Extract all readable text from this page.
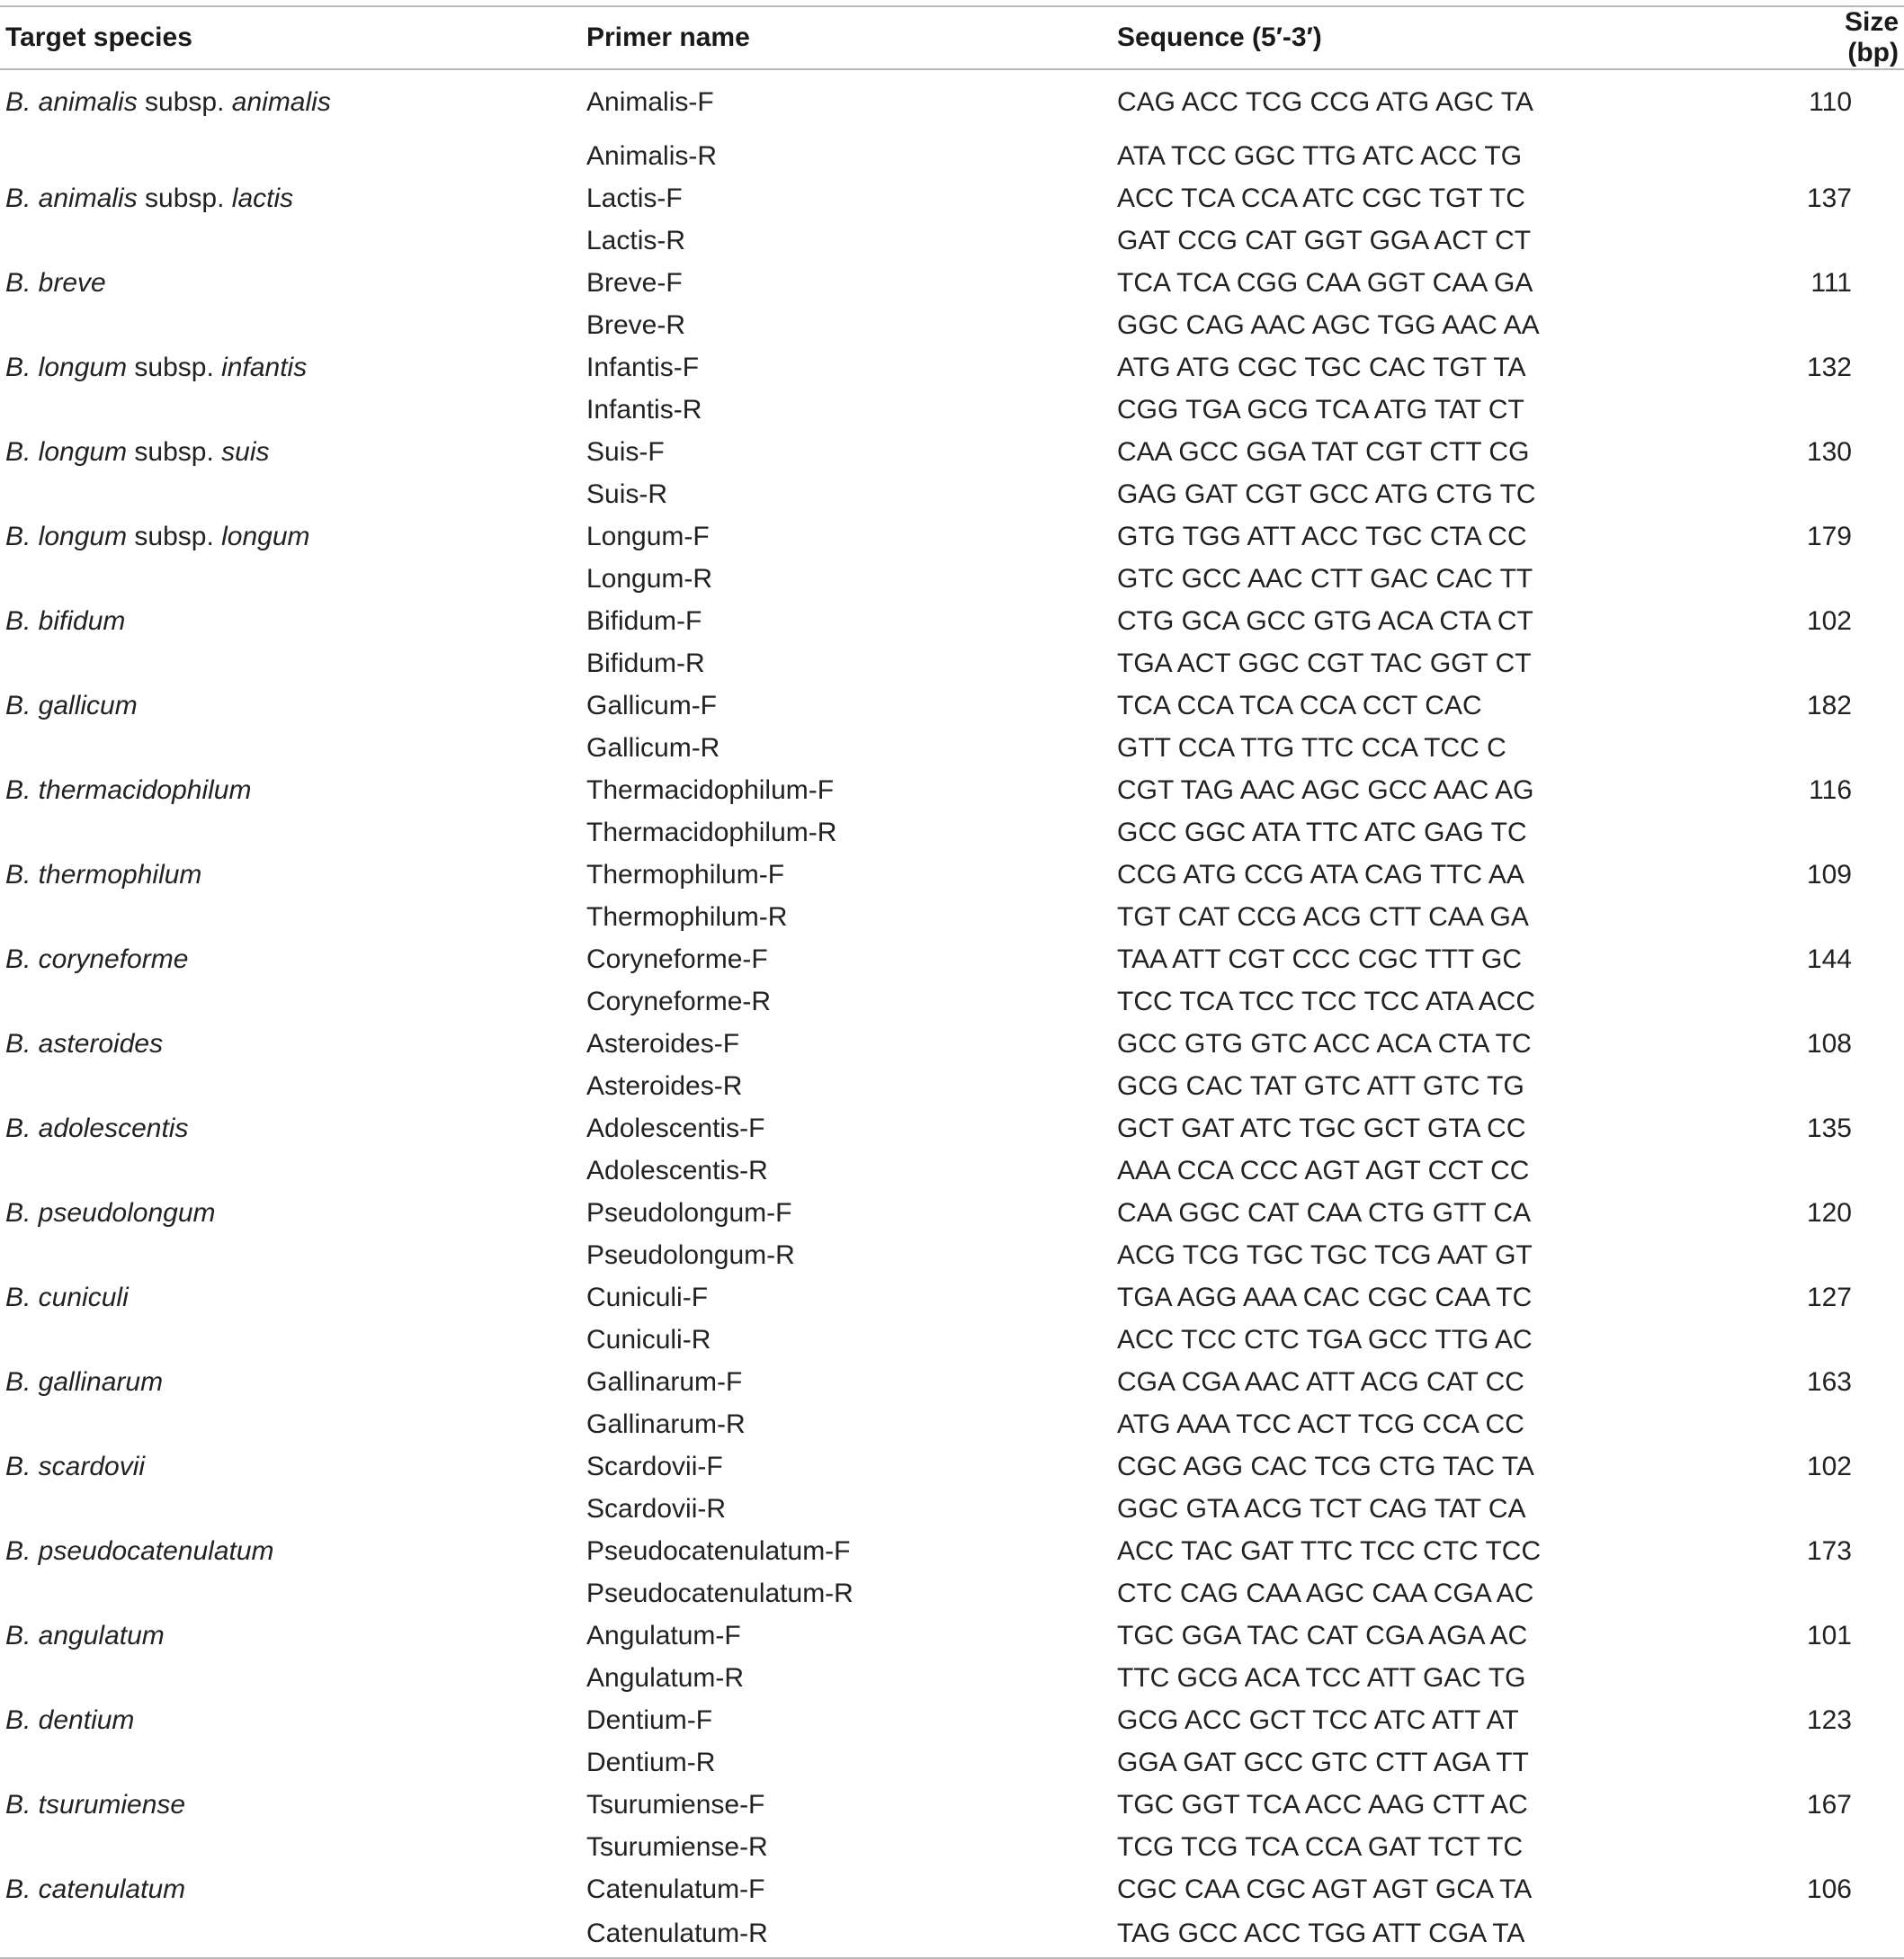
Target species	Primer name	Sequence (5′-3′)	Size (bp)
B. animalis subsp. animalis	Animalis-F	CAG ACC TCG CCG ATG AGC TA	110
	Animalis-R	ATA TCC GGC TTG ATC ACC TG	
B. animalis subsp. lactis	Lactis-F	ACC TCA CCA ATC CGC TGT TC	137
	Lactis-R	GAT CCG CAT GGT GGA ACT CT	
B. breve	Breve-F	TCA TCA CGG CAA GGT CAA GA	111
	Breve-R	GGC CAG AAC AGC TGG AAC AA	
B. longum subsp. infantis	Infantis-F	ATG ATG CGC TGC CAC TGT TA	132
	Infantis-R	CGG TGA GCG TCA ATG TAT CT	
B. longum subsp. suis	Suis-F	CAA GCC GGA TAT CGT CTT CG	130
	Suis-R	GAG GAT CGT GCC ATG CTG TC	
B. longum subsp. longum	Longum-F	GTG TGG ATT ACC TGC CTA CC	179
	Longum-R	GTC GCC AAC CTT GAC CAC TT	
B. bifidum	Bifidum-F	CTG GCA GCC GTG ACA CTA CT	102
	Bifidum-R	TGA ACT GGC CGT TAC GGT CT	
B. gallicum	Gallicum-F	TCA CCA TCA CCA CCT CAC	182
	Gallicum-R	GTT CCA TTG TTC CCA TCC C	
B. thermacidophilum	Thermacidophilum-F	CGT TAG AAC AGC GCC AAC AG	116
	Thermacidophilum-R	GCC GGC ATA TTC ATC GAG TC	
B. thermophilum	Thermophilum-F	CCG ATG CCG ATA CAG TTC AA	109
	Thermophilum-R	TGT CAT CCG ACG CTT CAA GA	
B. coryneforme	Coryneforme-F	TAA ATT CGT CCC CGC TTT GC	144
	Coryneforme-R	TCC TCA TCC TCC TCC ATA ACC	
B. asteroides	Asteroides-F	GCC GTG GTC ACC ACA CTA TC	108
	Asteroides-R	GCG CAC TAT GTC ATT GTC TG	
B. adolescentis	Adolescentis-F	GCT GAT ATC TGC GCT GTA CC	135
	Adolescentis-R	AAA CCA CCC AGT AGT CCT CC	
B. pseudolongum	Pseudolongum-F	CAA GGC CAT CAA CTG GTT CA	120
	Pseudolongum-R	ACG TCG TGC TGC TCG AAT GT	
B. cuniculi	Cuniculi-F	TGA AGG AAA CAC CGC CAA TC	127
	Cuniculi-R	ACC TCC CTC TGA GCC TTG AC	
B. gallinarum	Gallinarum-F	CGA CGA AAC ATT ACG CAT CC	163
	Gallinarum-R	ATG AAA TCC ACT TCG CCA CC	
B. scardovii	Scardovii-F	CGC AGG CAC TCG CTG TAC TA	102
	Scardovii-R	GGC GTA ACG TCT CAG TAT CA	
B. pseudocatenulatum	Pseudocatenulatum-F	ACC TAC GAT TTC TCC CTC TCC	173
	Pseudocatenulatum-R	CTC CAG CAA AGC CAA CGA AC	
B. angulatum	Angulatum-F	TGC GGA TAC CAT CGA AGA AC	101
	Angulatum-R	TTC GCG ACA TCC ATT GAC TG	
B. dentium	Dentium-F	GCG ACC GCT TCC ATC ATT AT	123
	Dentium-R	GGA GAT GCC GTC CTT AGA TT	
B. tsurumiense	Tsurumiense-F	TGC GGT TCA ACC AAG CTT AC	167
	Tsurumiense-R	TCG TCG TCA CCA GAT TCT TC	
B. catenulatum	Catenulatum-F	CGC CAA CGC AGT AGT GCA TA	106
	Catenulatum-R	TAG GCC ACC TGG ATT CGA TA	
